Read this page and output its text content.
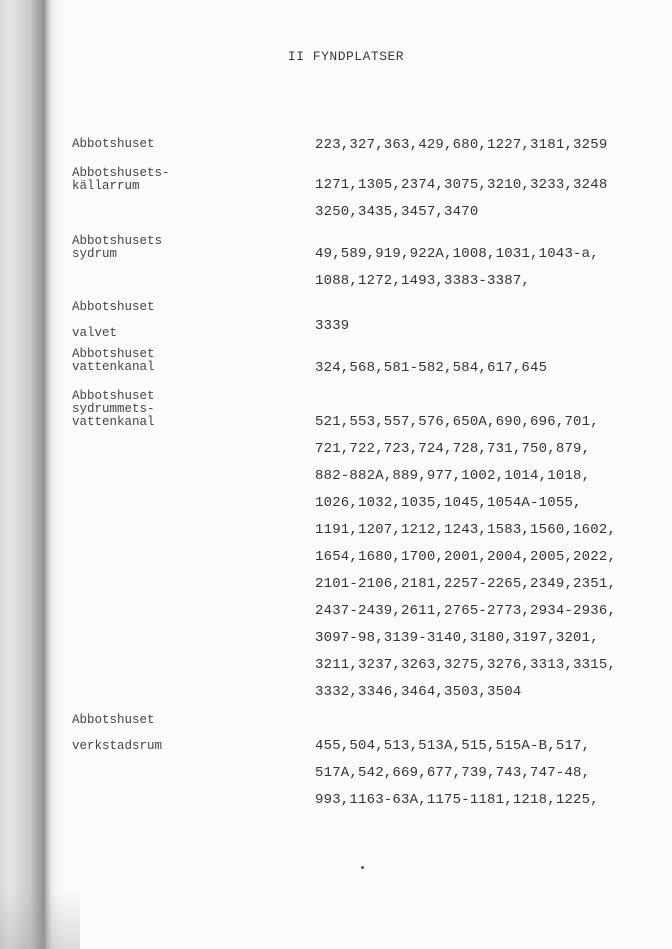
II FYNDPLATSER
Abbotshuset	223,327,363,429,680,1227,3181,3259
Abbotshusets-
källarrum	1271,1305,2374,3075,3210,3233,3248
3250,3435,3457,3470
Abbotshusets
sydrum	49,589,919,922A,1008,1031,1043-a,
1088,1272,1493,3383-3387,
Abbotshuset

valvet	3339
Abbotshuset
vattenkanal	324,568,581-582,584,617,645
Abbotshuset
sydrummets-
vattenkanal	521,553,557,576,650A,690,696,701,
721,722,723,724,728,731,750,879,
882-882A,889,977,1002,1014,1018,
1026,1032,1035,1045,1054A-1055,
1191,1207,1212,1243,1583,1560,1602,
1654,1680,1700,2001,2004,2005,2022,
2101-2106,2181,2257-2265,2349,2351,
2437-2439,2611,2765-2773,2934-2936,
3097-98,3139-3140,3180,3197,3201,
3211,3237,3263,3275,3276,3313,3315,
3332,3346,3464,3503,3504
Abbotshuset

verkstadsrum	455,504,513,513A,515,515A-B,517,
517A,542,669,677,739,743,747-48,
993,1163-63A,1175-1181,1218,1225,
